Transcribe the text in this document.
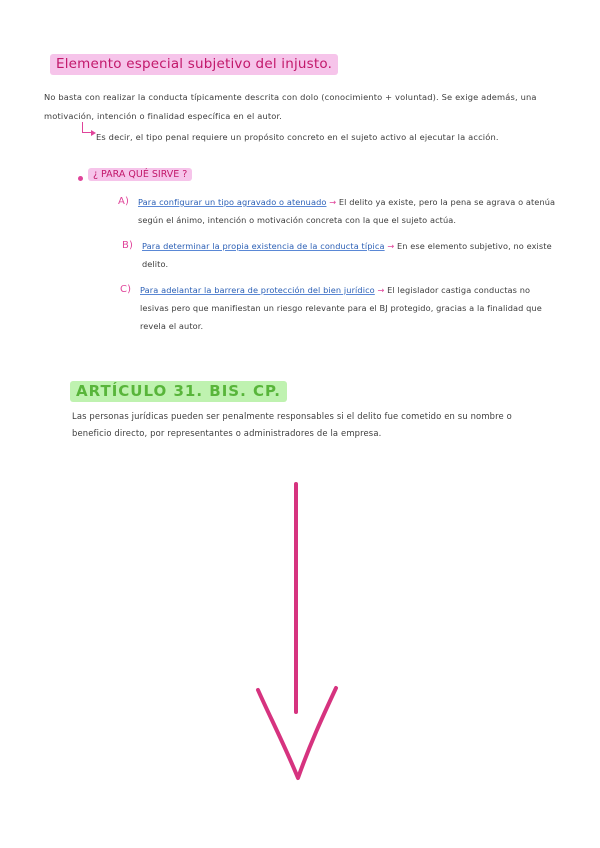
Elemento especial subjetivo del injusto.
No basta con realizar la conducta típicamente descrita con dolo (conocimiento + voluntad). Se exige además, una motivación, intención o finalidad específica en el autor.
Es decir, el tipo penal requiere un propósito concreto en el sujeto activo al ejecutar la acción.
¿ PARA QUÉ SIRVE ?
A) Para configurar un tipo agravado o atenuado → El delito ya existe, pero la pena se agrava o atenúa según el ánimo, intención o motivación concreta con la que el sujeto actúa.
B) Para determinar la propia existencia de la conducta típica → En ese elemento subjetivo, no existe delito.
C) Para adelantar la barrera de protección del bien jurídico → El legislador castiga conductas no lesivas pero que manifiestan un riesgo relevante para el BJ protegido, gracias a la finalidad que revela el autor.
ARTÍCULO 31. BIS. CP.
Las personas jurídicas pueden ser penalmente responsables si el delito fue cometido en su nombre o beneficio directo, por representantes o administradores de la empresa.
